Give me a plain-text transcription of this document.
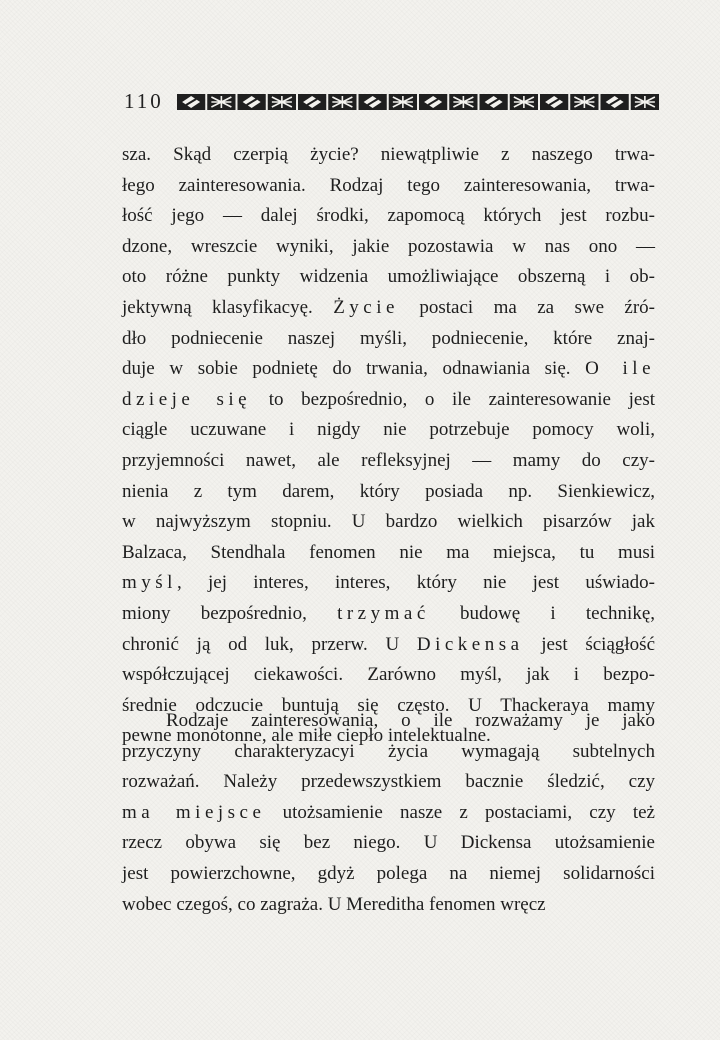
110
sza. Skąd czerpią życie? niewątpliwie z naszego trwa-
łego zainteresowania. Rodzaj tego zainteresowania, trwa-
łość jego — dalej środki, zapomocą których jest rozbu-
dzone, wreszcie wyniki, jakie pozostawia w nas ono —
oto różne punkty widzenia umożliwiające obszerną i ob-
jektywną klasyfikacyę. Życie postaci ma za swe źró-
dło podniecenie naszej myśli, podniecenie, które znaj-
duje w sobie podnietę do trwania, odnawiania się. O ile
dzieje się to bezpośrednio, o ile zainteresowanie jest
ciągle uczuwane i nigdy nie potrzebuje pomocy woli,
przyjemności nawet, ale refleksyjnej — mamy do czy-
nienia z tym darem, który posiada np. Sienkiewicz,
w najwyższym stopniu. U bardzo wielkich pisarzów jak
Balzaca, Stendhala fenomen nie ma miejsca, tu musi
myśl, jej interes, interes, który nie jest uświado-
miony bezpośrednio, trzymać budowę i technikę,
chronić ją od luk, przerw. U Dickensa jest ściągłość
współczującej ciekawości. Zarówno myśl, jak i bezpo-
średnie odczucie buntują się często. U Thackeraya mamy
pewne monotonne, ale miłe ciepło intelektualne.
Rodzaje zainteresowania, o ile rozważamy je jako
przyczyny charakteryzacyi życia wymagają subtelnych
rozważań. Należy przedewszystkiem bacznie śledzić, czy
ma miejsce utożsamienie nasze z postaciami, czy też
rzecz obywa się bez niego. U Dickensa utożsamienie
jest powierzchowne, gdyż polega na niemej solidarności
wobec czegoś, co zagraża. U Mereditha fenomen wręcz
